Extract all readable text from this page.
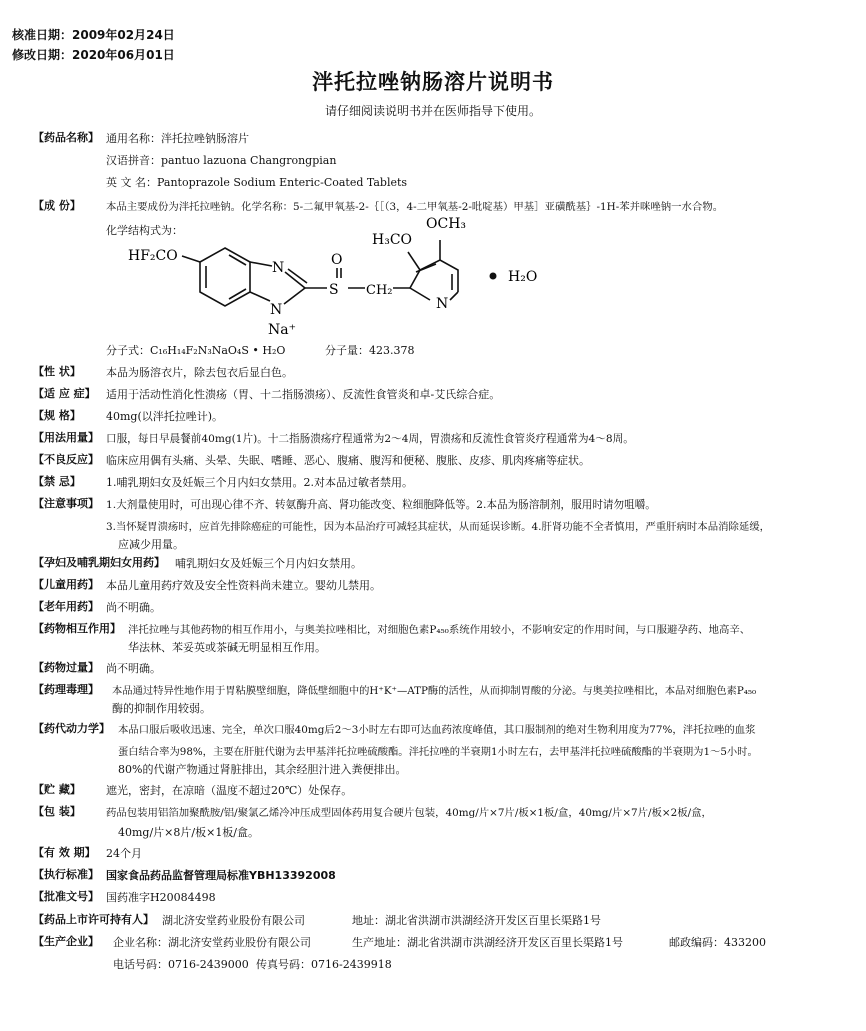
核准日期：2009年02月24日
修改日期：2020年06月01日
泮托拉唑钠肠溶片说明书
请仔细阅读说明书并在医师指导下使用。
【药品名称】 通用名称：泮托拉唑钠肠溶片
汉语拼音：pantuo lazuona Changrongpian
英 文 名：Pantoprazole Sodium Enteric-Coated Tablets
【成 份】 本品主要成份为泮托拉唑钠。化学名称：5-二氟甲氧基-2-｛［（3，4-二甲氧基-2-吡啶基）甲基］亚磺酰基｝-1H-苯并咪唑钠一水合物。
化学结构式为：
HF₂CO
N	O
S CH₂
N
Na⁺
H₃CO
OCH₃
N
H₂O
分子式：C₁₆H₁₄F₂N₃NaO₄S • H₂O	分子量：423.378
【性 状】 本品为肠溶衣片，除去包衣后显白色。
【适 应 症】 适用于活动性消化性溃疡（胃、十二指肠溃疡）、反流性食管炎和卓-艾氏综合症。
【规 格】 40mg(以泮托拉唑计)。
【用法用量】 口服，每日早晨餐前40mg(1片)。十二指肠溃疡疗程通常为2～4周，胃溃疡和反流性食管炎疗程通常为4～8周。
【不良反应】 临床应用偶有头痛、头晕、失眠、嗜睡、恶心、腹痛、腹泻和便秘、腹胀、皮疹、肌肉疼痛等症状。
【禁 忌】 1.哺乳期妇女及妊娠三个月内妇女禁用。2.对本品过敏者禁用。
【注意事项】 1.大剂量使用时，可出现心律不齐、转氨酶升高、肾功能改变、粒细胞降低等。2.本品为肠溶制剂，服用时请勿咀嚼。
3.当怀疑胃溃疡时，应首先排除癌症的可能性，因为本品治疗可减轻其症状，从而延误诊断。4.肝肾功能不全者慎用，严重肝病时本品消除延缓，
应减少用量。
【孕妇及哺乳期妇女用药】 哺乳期妇女及妊娠三个月内妇女禁用。
【儿童用药】 本品儿童用药疗效及安全性资料尚未建立。婴幼儿禁用。
【老年用药】 尚不明确。
【药物相互作用】 泮托拉唑与其他药物的相互作用小，与奥美拉唑相比，对细胞色素P₄₅₀系统作用较小，不影响安定的作用时间，与口服避孕药、地高辛、
华法林、苯妥英或茶碱无明显相互作用。
【药物过量】 尚不明确。
【药理毒理】 本品通过特异性地作用于胃粘膜壁细胞，降低壁细胞中的H⁺K⁺—ATP酶的活性，从而抑制胃酸的分泌。与奥美拉唑相比，本品对细胞色素P₄₅₀
酶的抑制作用较弱。
【药代动力学】 本品口服后吸收迅速、完全，单次口服40mg后2～3小时左右即可达血药浓度峰值，其口服制剂的绝对生物利用度为77%，泮托拉唑的血浆
蛋白结合率为98%，主要在肝脏代谢为去甲基泮托拉唑硫酸酯。泮托拉唑的半衰期1小时左右，去甲基泮托拉唑硫酸酯的半衰期为1～5小时。
80%的代谢产物通过肾脏排出，其余经胆汁进入粪便排出。
【贮 藏】 遮光，密封，在凉暗（温度不超过20℃）处保存。
【包 装】 药品包装用铝箔加聚酰胺/铝/聚氯乙烯冷冲压成型固体药用复合硬片包装，40mg/片×7片/板×1板/盒，40mg/片×7片/板×2板/盒，
40mg/片×8片/板×1板/盒。
【有 效 期】 24个月
【执行标准】 国家食品药品监督管理局标准YBH13392008
【批准文号】 国药准字H20084498
【药品上市许可持有人】 湖北济安堂药业股份有限公司	地址：湖北省洪湖市洪湖经济开发区百里长渠路1号
【生产企业】 企业名称：湖北济安堂药业股份有限公司	生产地址：湖北省洪湖市洪湖经济开发区百里长渠路1号	邮政编码：433200
电话号码：0716-2439000 传真号码：0716-2439918
